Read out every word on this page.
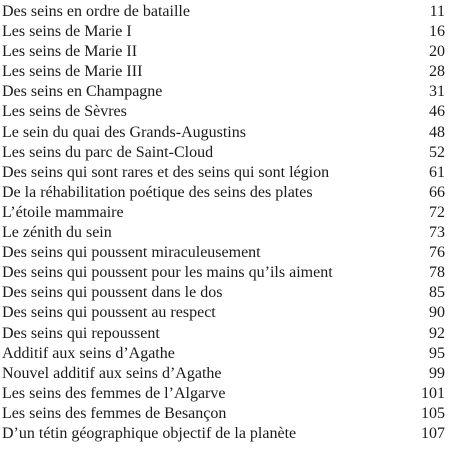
Des seins en ordre de bataille	11
Les seins de Marie I	16
Les seins de Marie II	20
Les seins de Marie III	28
Des seins en Champagne	31
Les seins de Sèvres	46
Le sein du quai des Grands-Augustins	48
Les seins du parc de Saint-Cloud	52
Des seins qui sont rares et des seins qui sont légion	61
De la réhabilitation poétique des seins des plates	66
L’étoile mammaire	72
Le zénith du sein	73
Des seins qui poussent miraculeusement	76
Des seins qui poussent pour les mains qu’ils aiment	78
Des seins qui poussent dans le dos	85
Des seins qui poussent au respect	90
Des seins qui repoussent	92
Additif aux seins d’Agathe	95
Nouvel additif aux seins d’Agathe	99
Les seins des femmes de l’Algarve	101
Les seins des femmes de Besançon	105
D’un tétin géographique objectif de la planète	107
